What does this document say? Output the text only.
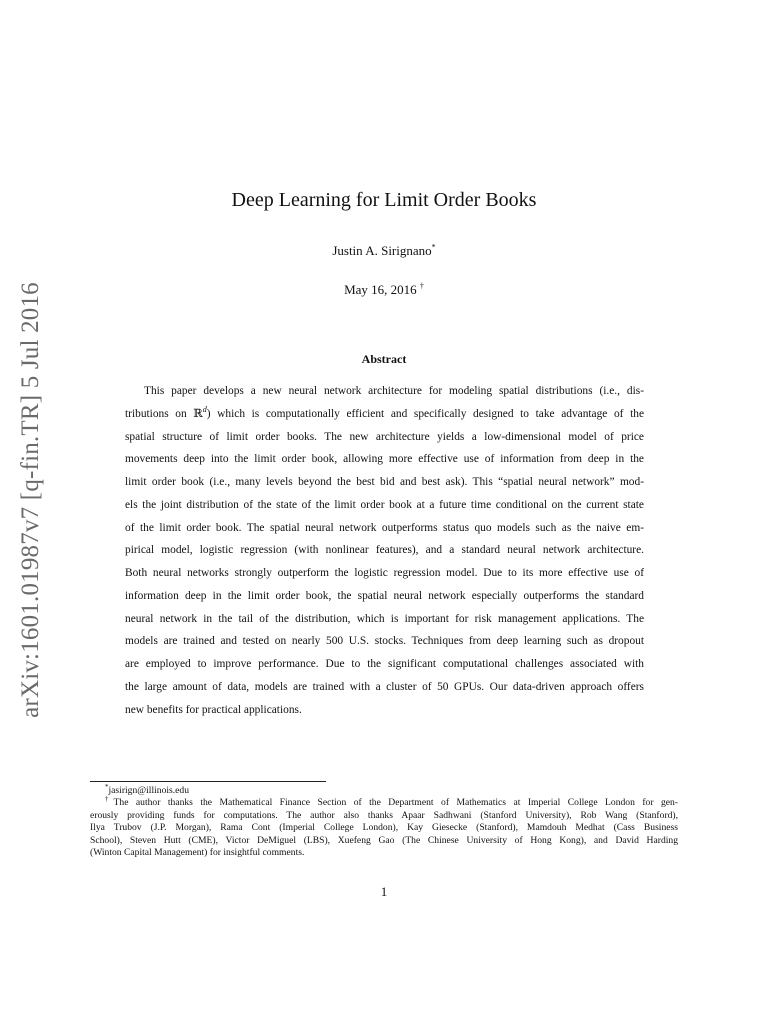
arXiv:1601.01987v7 [q-fin.TR] 5 Jul 2016
Deep Learning for Limit Order Books
Justin A. Sirignano*
May 16, 2016 †
Abstract
This paper develops a new neural network architecture for modeling spatial distributions (i.e., dis-
tributions on ℝ$^d$) which is computationally efficient and specifically designed to take advantage of the
spatial structure of limit order books. The new architecture yields a low-dimensional model of price
movements deep into the limit order book, allowing more effective use of information from deep in the
limit order book (i.e., many levels beyond the best bid and best ask). This “spatial neural network” mod-
els the joint distribution of the state of the limit order book at a future time conditional on the current state
of the limit order book. The spatial neural network outperforms status quo models such as the naive em-
pirical model, logistic regression (with nonlinear features), and a standard neural network architecture.
Both neural networks strongly outperform the logistic regression model. Due to its more effective use of
information deep in the limit order book, the spatial neural network especially outperforms the standard
neural network in the tail of the distribution, which is important for risk management applications. The
models are trained and tested on nearly 500 U.S. stocks. Techniques from deep learning such as dropout
are employed to improve performance. Due to the significant computational challenges associated with
the large amount of data, models are trained with a cluster of 50 GPUs. Our data-driven approach offers
new benefits for practical applications.
*jasirign@illinois.edu
†The author thanks the Mathematical Finance Section of the Department of Mathematics at Imperial College London for gen-
erously providing funds for computations. The author also thanks Apaar Sadhwani (Stanford University), Rob Wang (Stanford),
Ilya Trubov (J.P. Morgan), Rama Cont (Imperial College London), Kay Giesecke (Stanford), Mamdouh Medhat (Cass Business
School), Steven Hutt (CME), Victor DeMiguel (LBS), Xuefeng Gao (The Chinese University of Hong Kong), and David Harding
(Winton Capital Management) for insightful comments.
1
